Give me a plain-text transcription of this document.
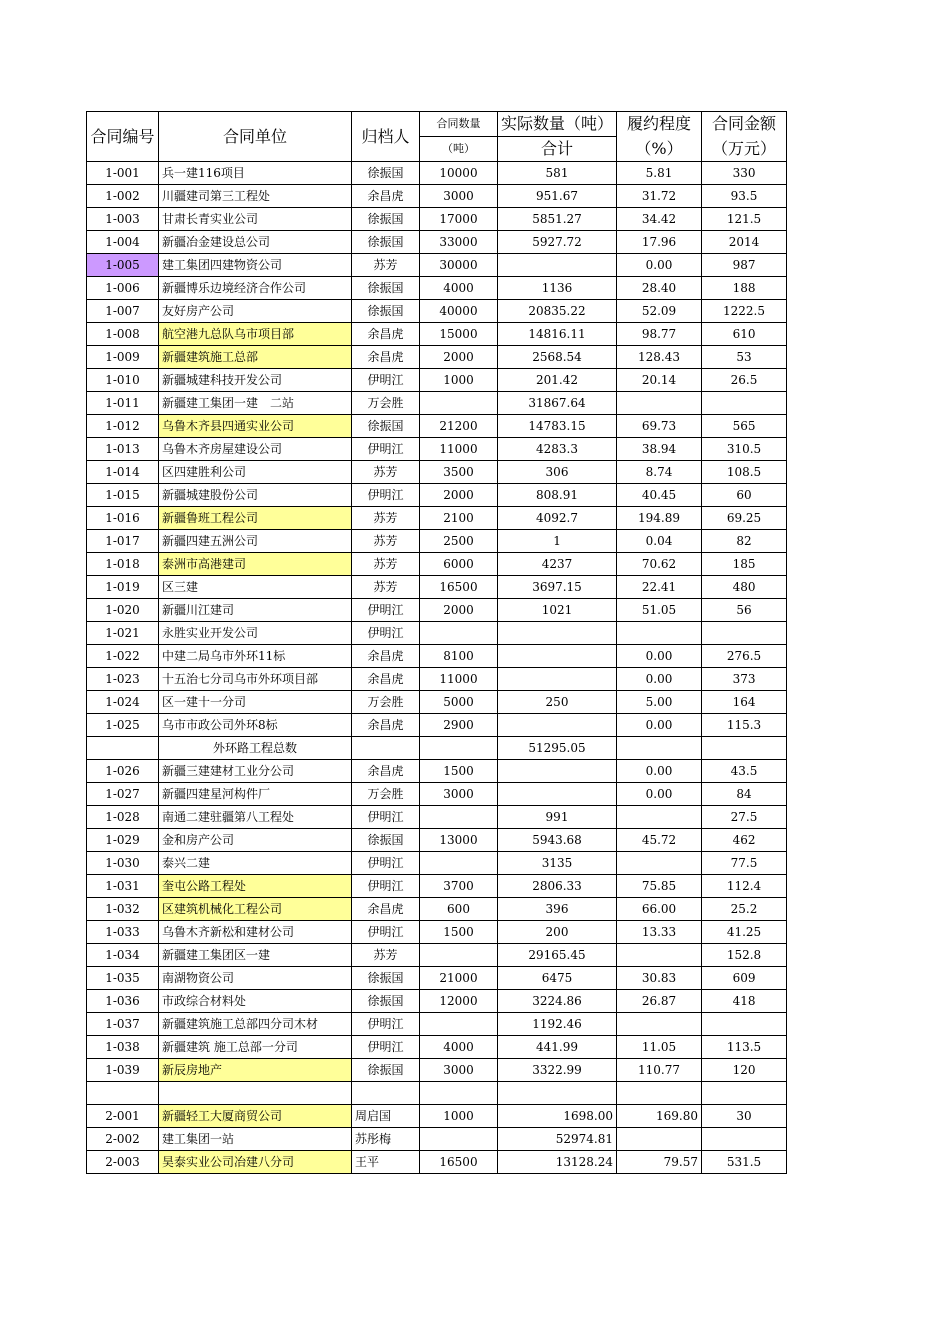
合同编号	合同单位	归档人	合同数量	实际数量（吨）	履约程度	合同金额
			（吨）	合计	（%）	（万元）
1-001	兵一建116项目	徐振国	10000	581	5.81	330
1-002	川疆建司第三工程处	余昌虎	3000	951.67	31.72	93.5
1-003	甘肃长青实业公司	徐振国	17000	5851.27	34.42	121.5
1-004	新疆冶金建设总公司	徐振国	33000	5927.72	17.96	2014
1-005	建工集团四建物资公司	苏芳	30000		0.00	987
1-006	新疆博乐边境经济合作公司	徐振国	4000	1136	28.40	188
1-007	友好房产公司	徐振国	40000	20835.22	52.09	1222.5
1-008	航空港九总队乌市项目部	余昌虎	15000	14816.11	98.77	610
1-009	新疆建筑施工总部	余昌虎	2000	2568.54	128.43	53
1-010	新疆城建科技开发公司	伊明江	1000	201.42	20.14	26.5
1-011	新疆建工集团一建　二站	万会胜		31867.64		
1-012	乌鲁木齐县四通实业公司	徐振国	21200	14783.15	69.73	565
1-013	乌鲁木齐房屋建设公司	伊明江	11000	4283.3	38.94	310.5
1-014	区四建胜利公司	苏芳	3500	306	8.74	108.5
1-015	新疆城建股份公司	伊明江	2000	808.91	40.45	60
1-016	新疆鲁班工程公司	苏芳	2100	4092.7	194.89	69.25
1-017	新疆四建五洲公司	苏芳	2500	1	0.04	82
1-018	泰洲市高港建司	苏芳	6000	4237	70.62	185
1-019	区三建	苏芳	16500	3697.15	22.41	480
1-020	新疆川江建司	伊明江	2000	1021	51.05	56
1-021	永胜实业开发公司	伊明江				
1-022	中建二局乌市外环11标	余昌虎	8100		0.00	276.5
1-023	十五治七分司乌市外环项目部	余昌虎	11000		0.00	373
1-024	区一建十一分司	万会胜	5000	250	5.00	164
1-025	乌市市政公司外环8标	余昌虎	2900		0.00	115.3
	外环路工程总数			51295.05		
1-026	新疆三建建材工业分公司	余昌虎	1500		0.00	43.5
1-027	新疆四建星河构件厂	万会胜	3000		0.00	84
1-028	南通二建驻疆第八工程处	伊明江		991		27.5
1-029	金和房产公司	徐振国	13000	5943.68	45.72	462
1-030	泰兴二建	伊明江		3135		77.5
1-031	奎屯公路工程处	伊明江	3700	2806.33	75.85	112.4
1-032	区建筑机械化工程公司	余昌虎	600	396	66.00	25.2
1-033	乌鲁木齐新松和建材公司	伊明江	1500	200	13.33	41.25
1-034	新疆建工集团区一建	苏芳		29165.45		152.8
1-035	南湖物资公司	徐振国	21000	6475	30.83	609
1-036	市政综合材料处	徐振国	12000	3224.86	26.87	418
1-037	新疆建筑施工总部四分司木材	伊明江		1192.46		
1-038	新疆建筑 施工总部一分司	伊明江	4000	441.99	11.05	113.5
1-039	新辰房地产	徐振国	3000	3322.99	110.77	120

2-001	新疆轻工大厦商贸公司	周启国	1000	1698.00	169.80	30
2-002	建工集团一站	苏彤梅		52974.81		
2-003	昊泰实业公司冶建八分司	王平	16500	13128.24	79.57	531.5
